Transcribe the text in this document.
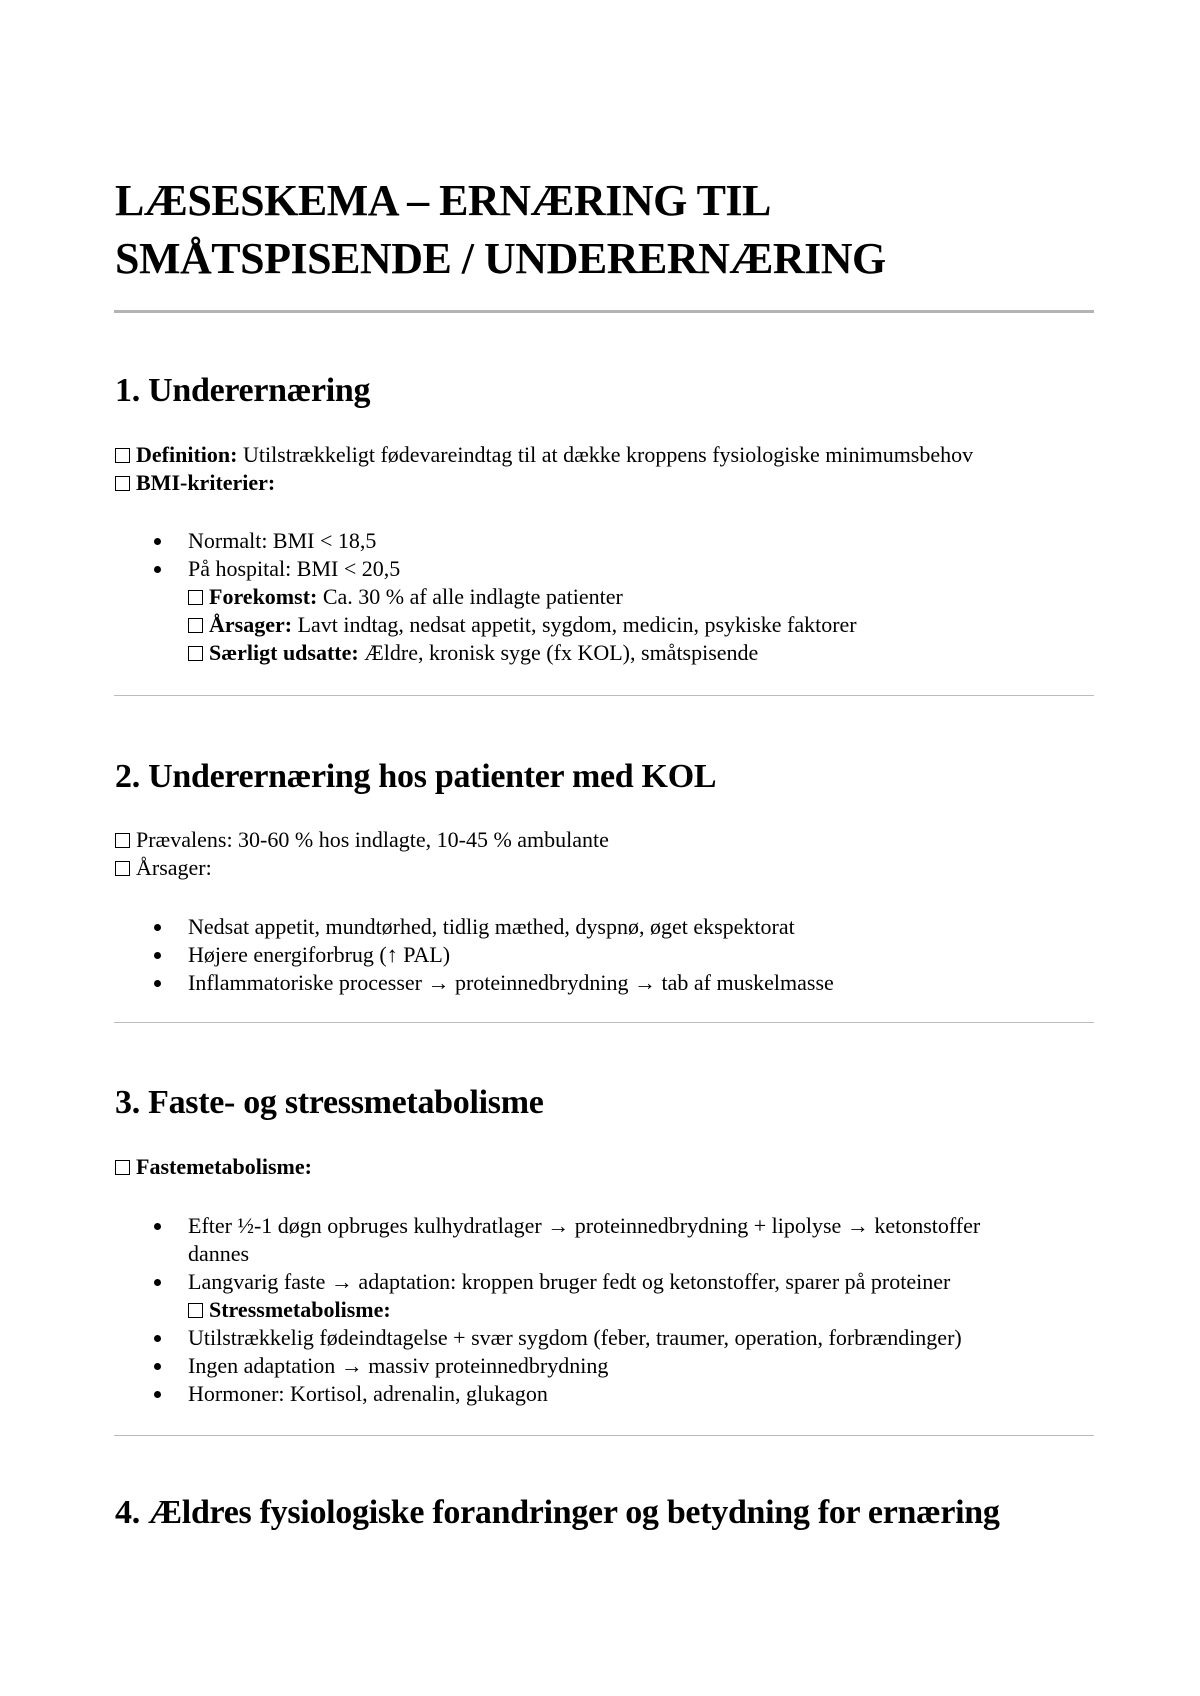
LÆSESKEMA – ERNÆRING TIL
SMÅTSPISENDE / UNDERERNÆRING
1. Underernæring
Definition: Utilstrækkeligt fødevareindtag til at dække kroppens fysiologiske minimumsbehov
BMI-kriterier:
Normalt: BMI < 18,5
På hospital: BMI < 20,5
Forekomst: Ca. 30 % af alle indlagte patienter
Årsager: Lavt indtag, nedsat appetit, sygdom, medicin, psykiske faktorer
Særligt udsatte: Ældre, kronisk syge (fx KOL), småtspisende
2. Underernæring hos patienter med KOL
Prævalens: 30-60 % hos indlagte, 10-45 % ambulante
Årsager:
Nedsat appetit, mundtørhed, tidlig mæthed, dyspnø, øget ekspektorat
Højere energiforbrug (↑ PAL)
Inflammatoriske processer → proteinnedbrydning → tab af muskelmasse
3. Faste- og stressmetabolisme
Fastemetabolisme:
Efter ½-1 døgn opbruges kulhydratlager → proteinnedbrydning + lipolyse → ketonstoffer
dannes
Langvarig faste → adaptation: kroppen bruger fedt og ketonstoffer, sparer på proteiner
Stressmetabolisme:
Utilstrækkelig fødeindtagelse + svær sygdom (feber, traumer, operation, forbrændinger)
Ingen adaptation → massiv proteinnedbrydning
Hormoner: Kortisol, adrenalin, glukagon
4. Ældres fysiologiske forandringer og betydning for ernæring
